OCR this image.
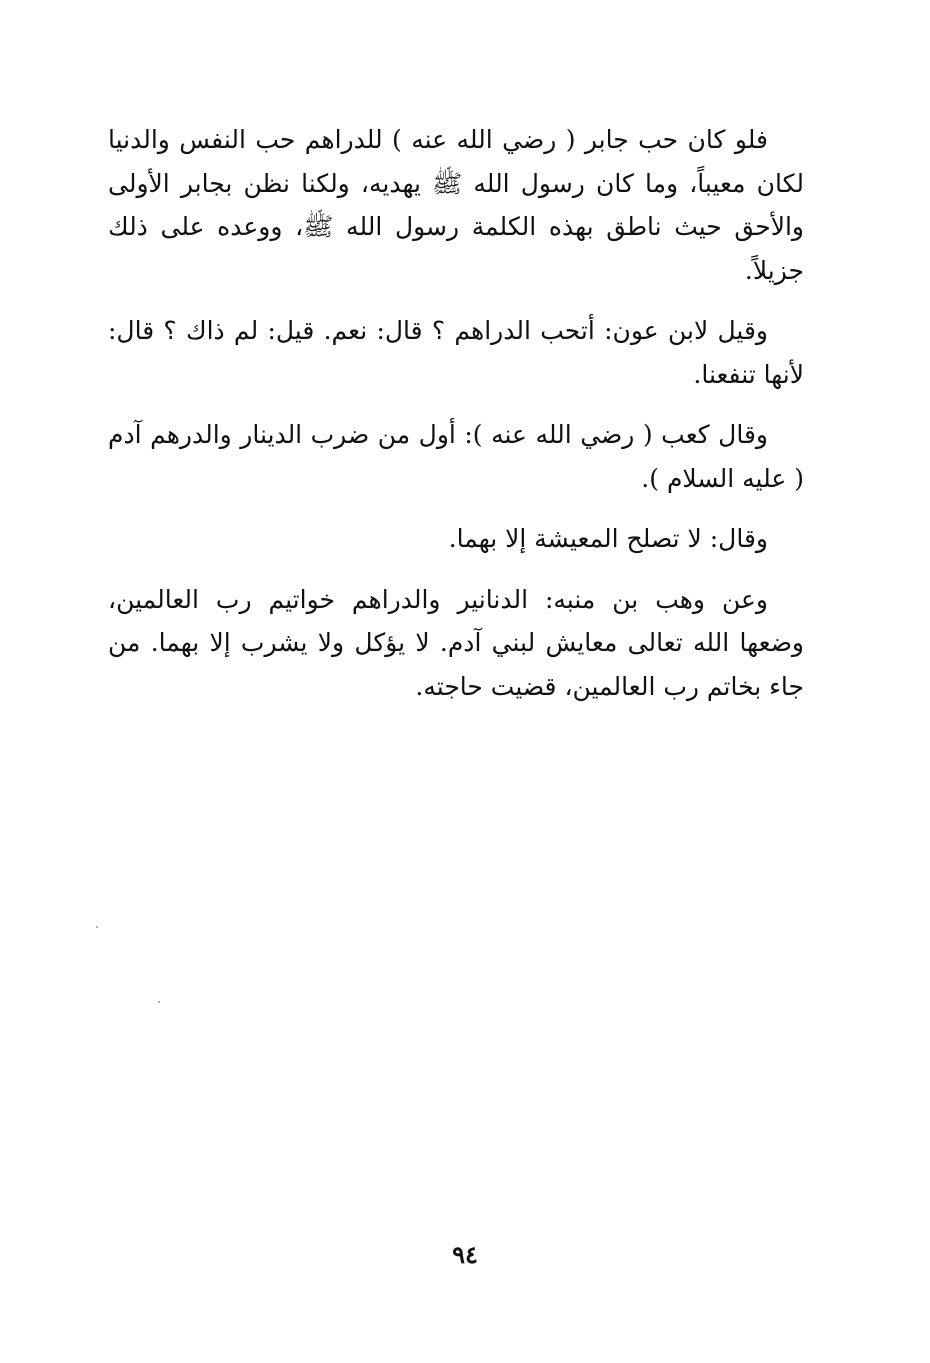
فلو كان حب جابر ( رضي الله عنه ) للدراهم حب النفس والدنيا لكان معيباً، وما كان رسول الله ﷺ يهديه، ولكنا نظن بجابر الأولى والأحق حيث ناطق بهذه الكلمة رسول الله ﷺ، ووعده على ذلك جزيلاً.

وقيل لابن عون: أتحب الدراهم ؟ قال: نعم. قيل: لم ذاك ؟ قال: لأنها تنفعنا.

وقال كعب ( رضي الله عنه ): أول من ضرب الدينار والدرهم آدم ( عليه السلام ).

وقال: لا تصلح المعيشة إلا بهما.

وعن وهب بن منبه: الدنانير والدراهم خواتيم رب العالمين، وضعها الله تعالى معايش لبني آدم. لا يؤكل ولا يشرب إلا بهما. من جاء بخاتم رب العالمين، قضيت حاجته.

٩٤
